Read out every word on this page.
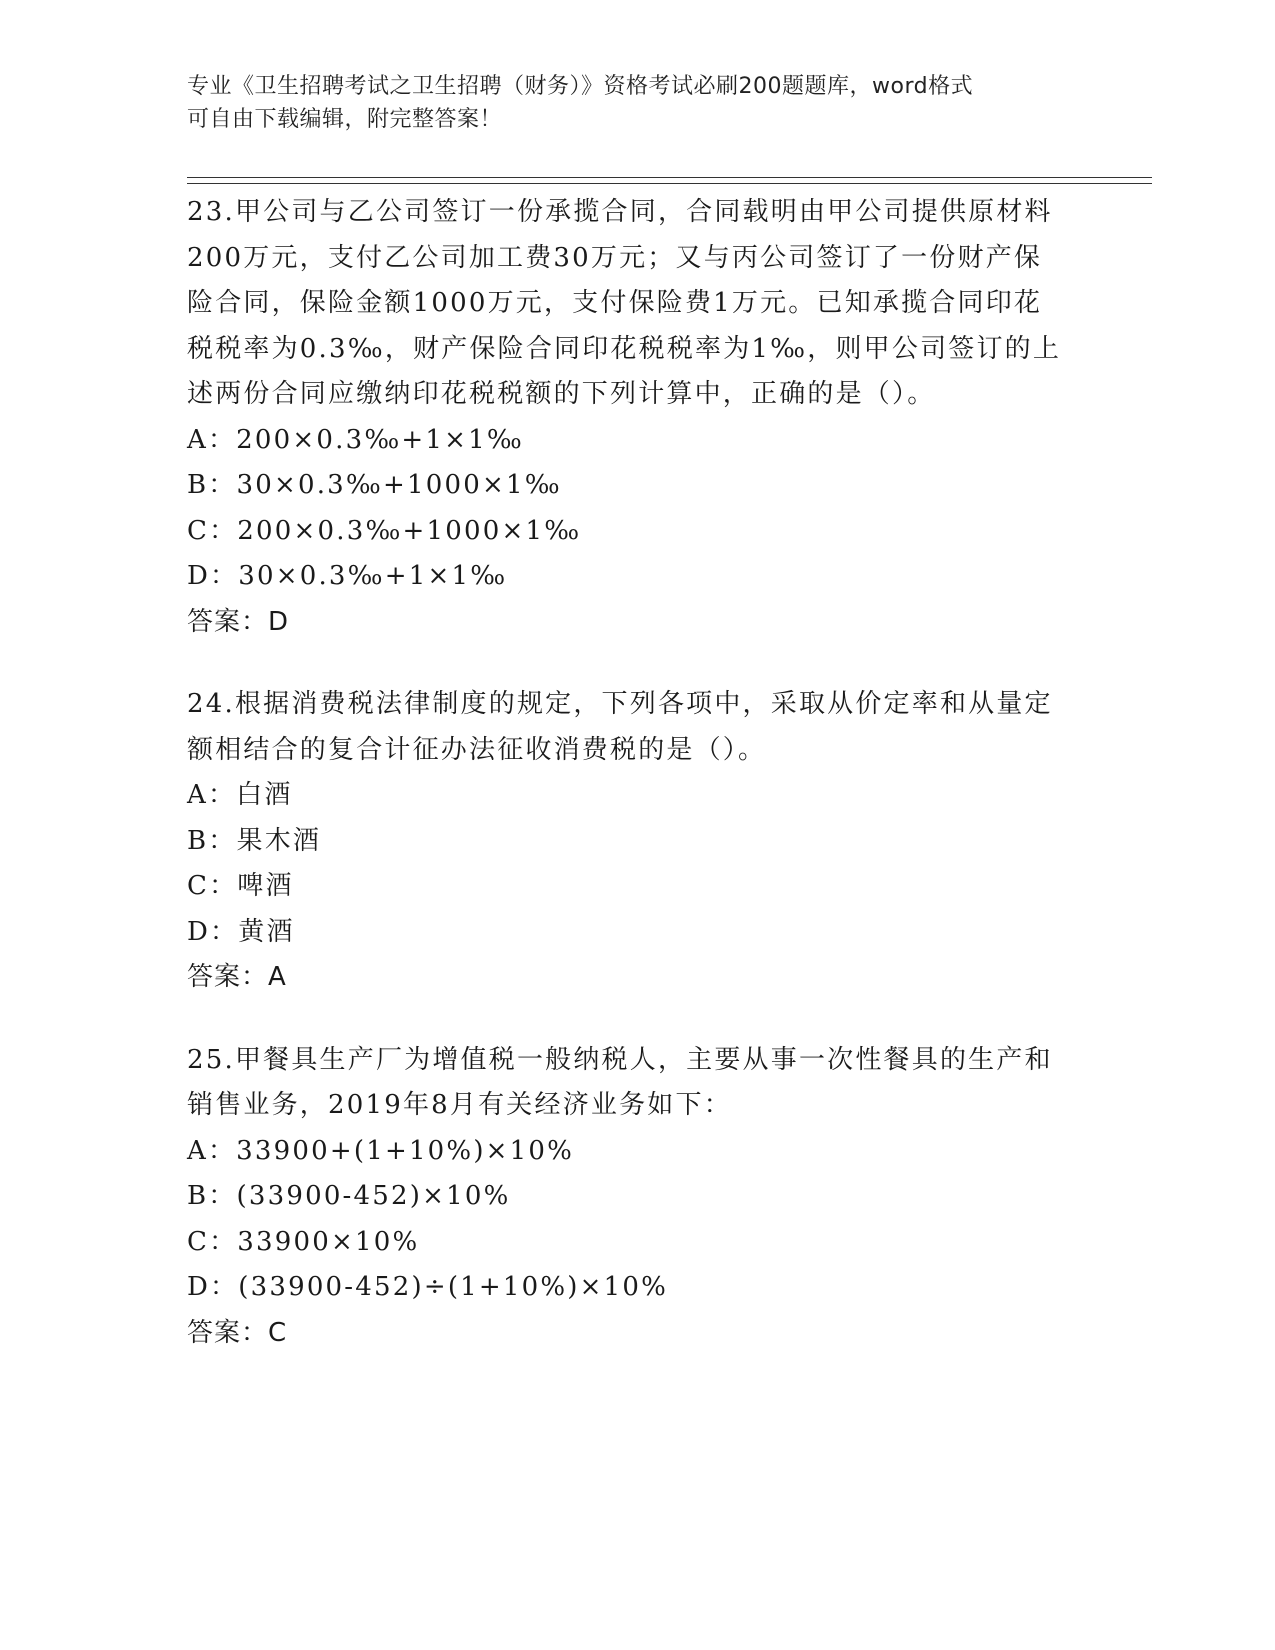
专业《卫生招聘考试之卫生招聘（财务）》资格考试必刷200题题库，word格式
可自由下载编辑，附完整答案！
23.甲公司与乙公司签订一份承揽合同，合同载明由甲公司提供原材料
200万元，支付乙公司加工费30万元；又与丙公司签订了一份财产保
险合同，保险金额1000万元，支付保险费1万元。已知承揽合同印花
税税率为0.3‰，财产保险合同印花税税率为1‰，则甲公司签订的上
述两份合同应缴纳印花税税额的下列计算中，正确的是（）。
A：200×0.3‰+1×1‰
B：30×0.3‰+1000×1‰
C：200×0.3‰+1000×1‰
D：30×0.3‰+1×1‰
答案：D
24.根据消费税法律制度的规定，下列各项中，采取从价定率和从量定
额相结合的复合计征办法征收消费税的是（）。
A：白酒
B：果木酒
C：啤酒
D：黄酒
答案：A
25.甲餐具生产厂为增值税一般纳税人，主要从事一次性餐具的生产和
销售业务，2019年8月有关经济业务如下：
A：33900+(1+10%)×10%
B：(33900-452)×10%
C：33900×10%
D：(33900-452)÷(1+10%)×10%
答案：C
